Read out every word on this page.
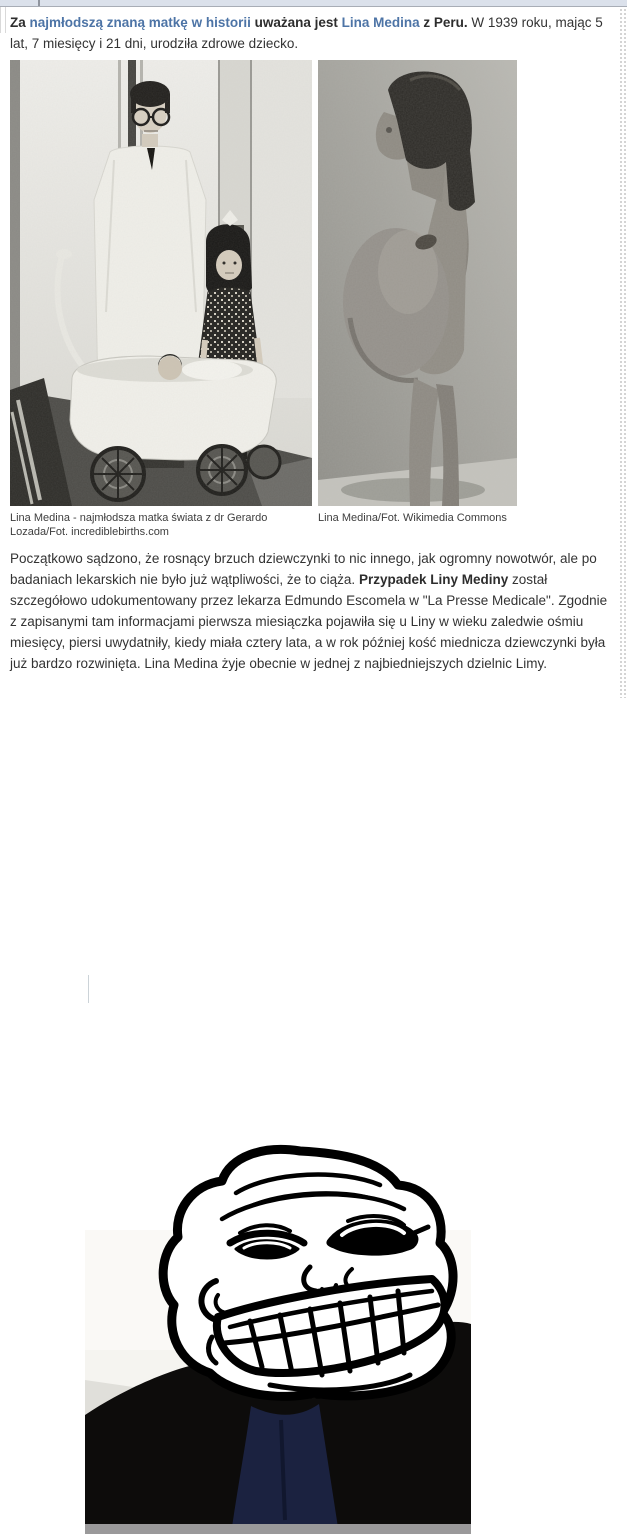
Za najmłodszą znaną matkę w historii uważana jest Lina Medina z Peru. W 1939 roku, mając 5 lat, 7 miesięcy i 21 dni, urodziła zdrowe dziecko.

Lina Medina - najmłodsza matka świata z dr Gerardo Lozada/Fot. incrediblebirths.com
Lina Medina/Fot. Wikimedia Commons

Początkowo sądzono, że rosnący brzuch dziewczynki to nic innego, jak ogromny nowotwór, ale po badaniach lekarskich nie było już wątpliwości, że to ciąża. Przypadek Liny Mediny został szczegółowo udokumentowany przez lekarza Edmundo Escomela w "La Presse Medicale". Zgodnie z zapisanymi tam informacjami pierwsza miesiączka pojawiła się u Liny w wieku zaledwie ośmiu miesięcy, piersi uwydatniły, kiedy miała cztery lata, a w rok później kość miednicza dziewczynki była już bardzo rozwinięta. Lina Medina żyje obecnie w jednej z najbiedniejszych dzielnic Limy.
